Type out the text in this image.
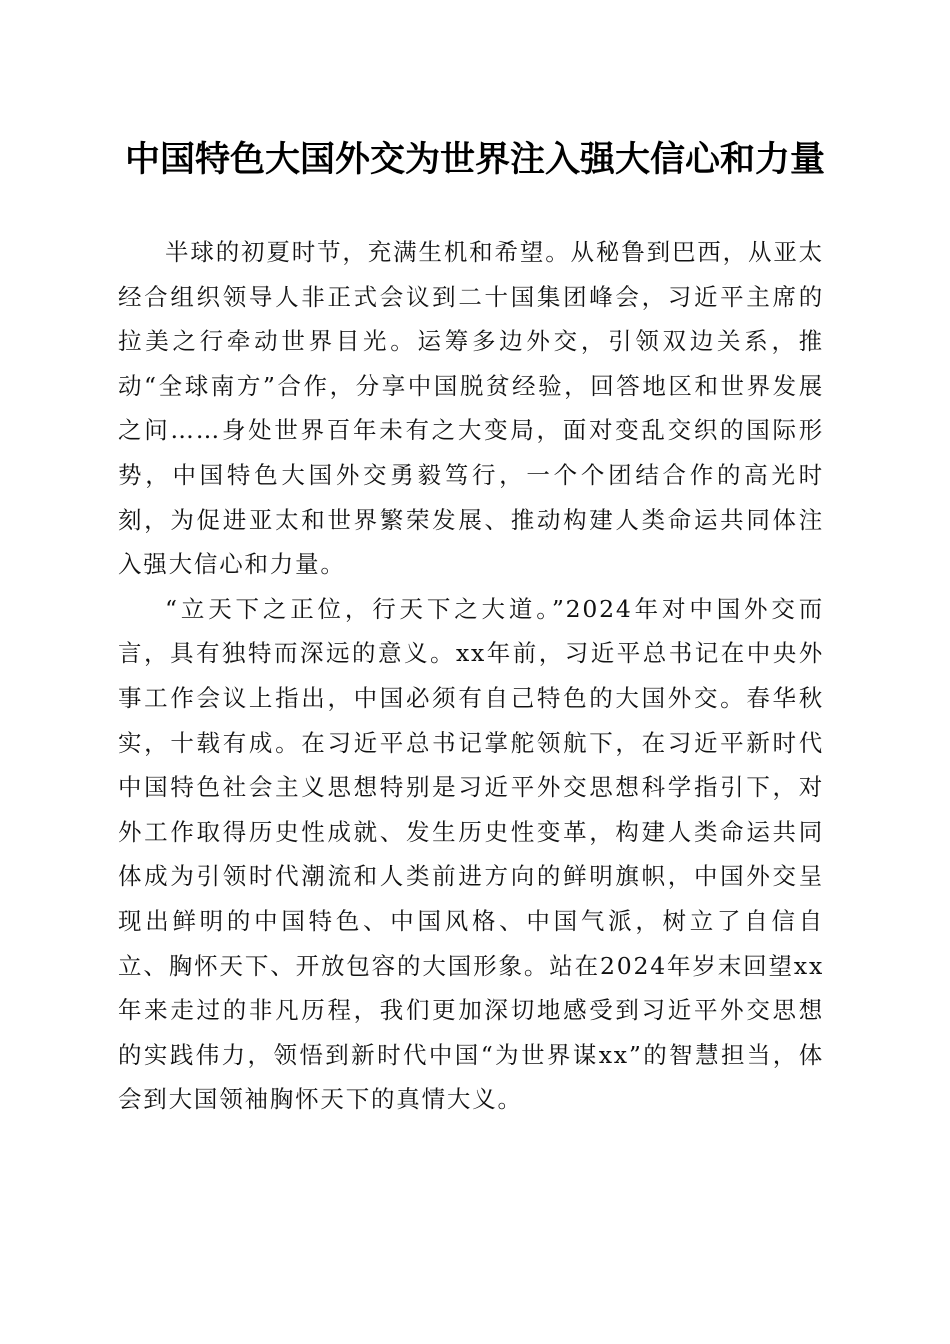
中国特色大国外交为世界注入强大信心和力量

半球的初夏时节，充满生机和希望。从秘鲁到巴西，从亚太经合组织领导人非正式会议到二十国集团峰会，习近平主席的拉美之行牵动世界目光。运筹多边外交，引领双边关系，推动“全球南方”合作，分享中国脱贫经验，回答地区和世界发展之问……身处世界百年未有之大变局，面对变乱交织的国际形势，中国特色大国外交勇毅笃行，一个个团结合作的高光时刻，为促进亚太和世界繁荣发展、推动构建人类命运共同体注入强大信心和力量。

“立天下之正位，行天下之大道。”2024年对中国外交而言，具有独特而深远的意义。xx年前，习近平总书记在中央外事工作会议上指出，中国必须有自己特色的大国外交。春华秋实，十载有成。在习近平总书记掌舵领航下，在习近平新时代中国特色社会主义思想特别是习近平外交思想科学指引下，对外工作取得历史性成就、发生历史性变革，构建人类命运共同体成为引领时代潮流和人类前进方向的鲜明旗帜，中国外交呈现出鲜明的中国特色、中国风格、中国气派，树立了自信自立、胸怀天下、开放包容的大国形象。站在2024年岁末回望xx年来走过的非凡历程，我们更加深切地感受到习近平外交思想的实践伟力，领悟到新时代中国“为世界谋xx”的智慧担当，体会到大国领袖胸怀天下的真情大义。
